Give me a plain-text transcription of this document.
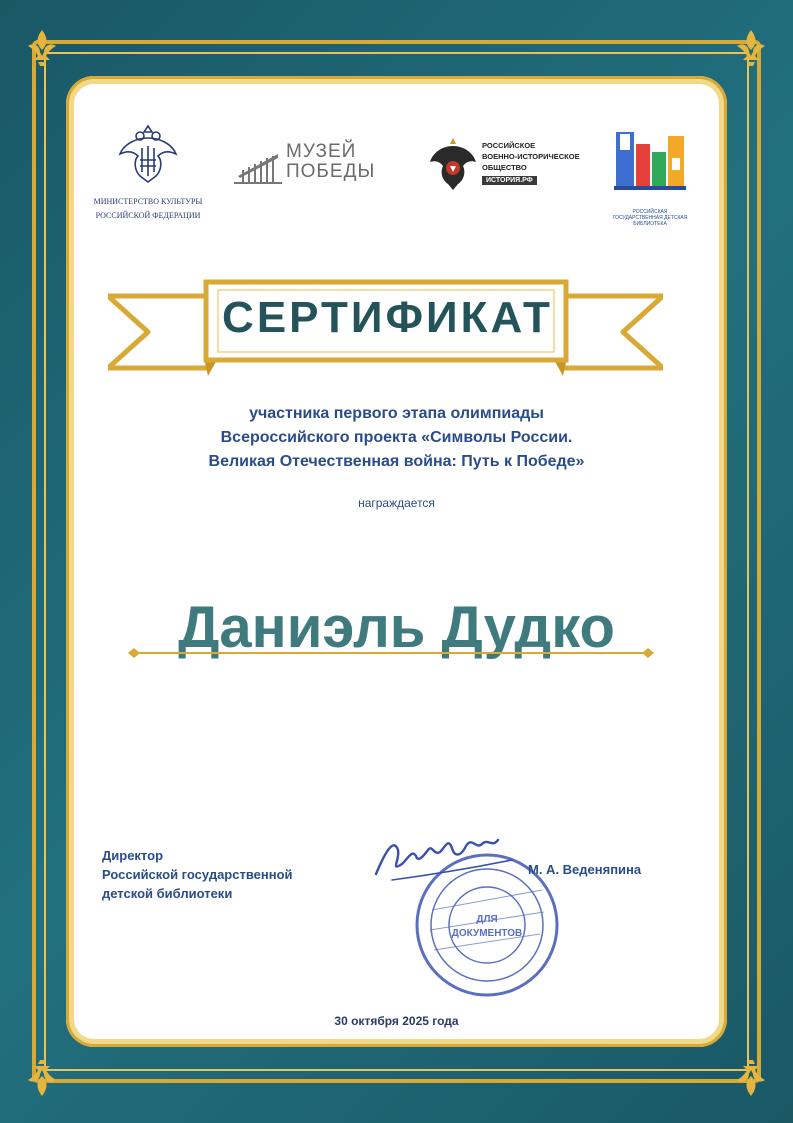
МИНИСТЕРСТВО КУЛЬТУРЫ
РОССИЙСКОЙ ФЕДЕРАЦИИ
МУЗЕЙ
ПОБЕДЫ
РОССИЙСКОЕ
ВОЕННО-ИСТОРИЧЕСКОЕ
ОБЩЕСТВО
ИСТОРИЯ.РФ
РОССИЙСКАЯ ГОСУДАРСТВЕННАЯ ДЕТСКАЯ БИБЛИОТЕКА
СЕРТИФИКАТ
участника первого этапа олимпиады
Всероссийского проекта «Символы России.
Великая Отечественная война: Путь к Победе»
награждается
Даниэль Дудко
Директор
Российской государственной
детской библиотеки
ДЛЯ
ДОКУМЕНТОВ
М. А. Веденяпина
30 октября 2025 года
